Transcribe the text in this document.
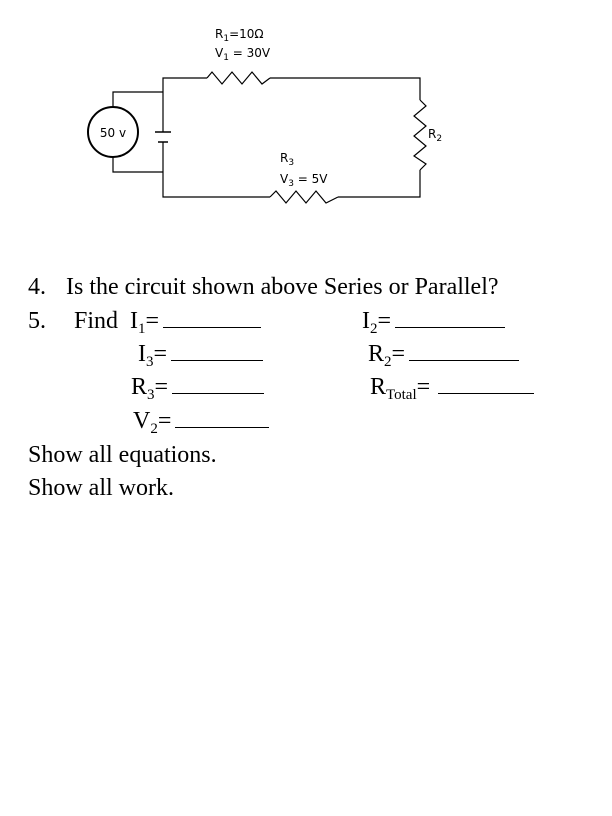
50 v
$R_1=10\Omega$
$V_1 = 30V$
$R_2$
$R_3$
$V_3 = 5V$
4. Is the circuit shown above Series or Parallel?
5. Find $I_1=$	$I_2=$
$I_3=$	$R_2=$
$R_3=$	$R_{Total}=$
$V_2=$
Show all equations.
Show all work.
